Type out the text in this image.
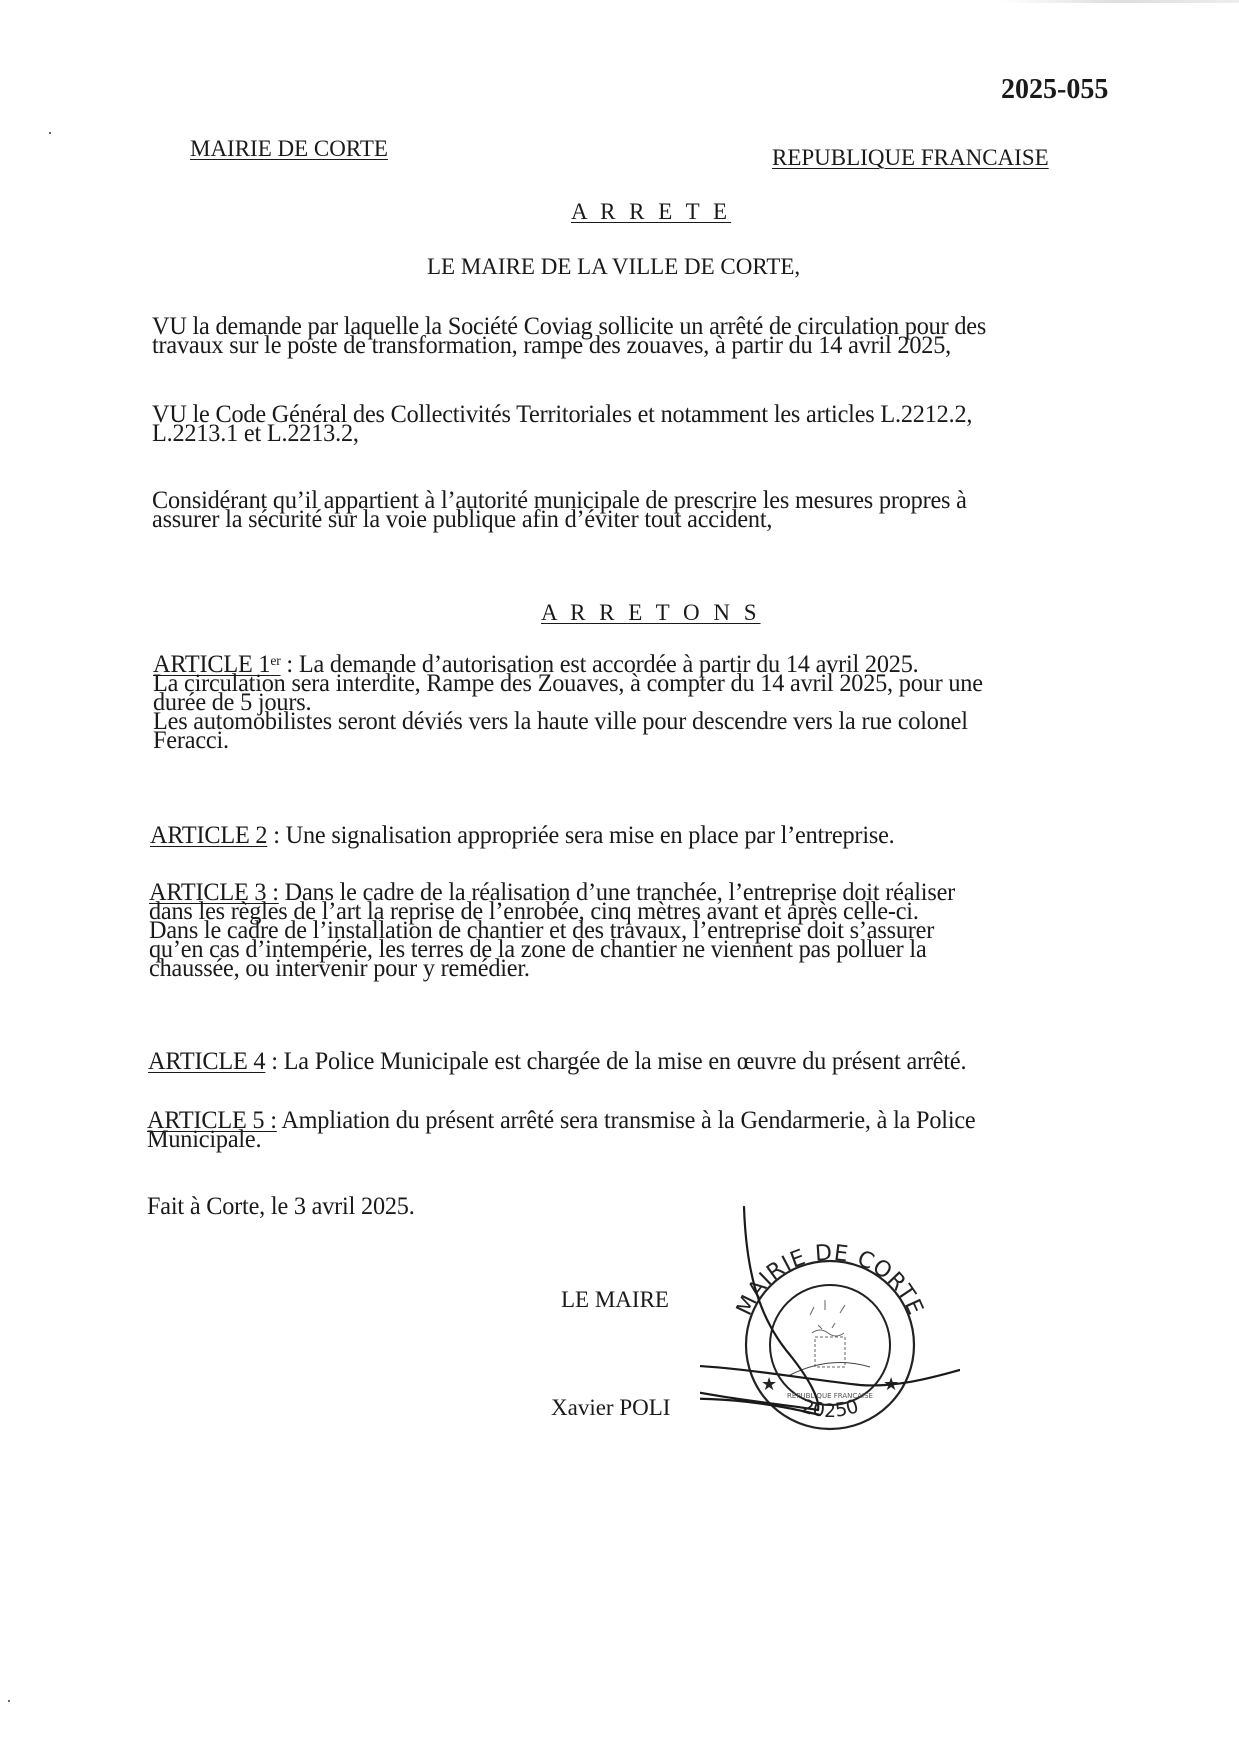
2025-055
MAIRIE DE CORTE	REPUBLIQUE FRANCAISE
A R R E T E
LE MAIRE DE LA VILLE DE CORTE,
VU la demande par laquelle la Société Coviag sollicite un arrêté de circulation pour des
travaux sur le poste de transformation, rampe des zouaves, à partir du 14 avril 2025,
VU le Code Général des Collectivités Territoriales et notamment les articles L.2212.2,
L.2213.1 et L.2213.2,
Considérant qu’il appartient à l’autorité municipale de prescrire les mesures propres à
assurer la sécurité sur la voie publique afin d’éviter tout accident,
A R R E T O N S
ARTICLE 1er : La demande d’autorisation est accordée à partir du 14 avril 2025.
La circulation sera interdite, Rampe des Zouaves, à compter du 14 avril 2025, pour une
durée de 5 jours.
Les automobilistes seront déviés vers la haute ville pour descendre vers la rue colonel
Feracci.
ARTICLE 2 : Une signalisation appropriée sera mise en place par l’entreprise.
ARTICLE 3 : Dans le cadre de la réalisation d’une tranchée, l’entreprise doit réaliser
dans les règles de l’art la reprise de l’enrobée, cinq mètres avant et après celle-ci.
Dans le cadre de l’installation de chantier et des travaux, l’entreprise doit s’assurer
qu’en cas d’intempérie, les terres de la zone de chantier ne viennent pas polluer la
chaussée, ou intervenir pour y remédier.
ARTICLE 4 : La Police Municipale est chargée de la mise en œuvre du présent arrêté.
ARTICLE 5 : Ampliation du présent arrêté sera transmise à la Gendarmerie, à la Police
Municipale.
Fait à Corte, le 3 avril 2025.
LE MAIRE
Xavier POLI
MAIRIE DE CORTE
20250
★	★
REPUBLIQUE FRANCAISE
